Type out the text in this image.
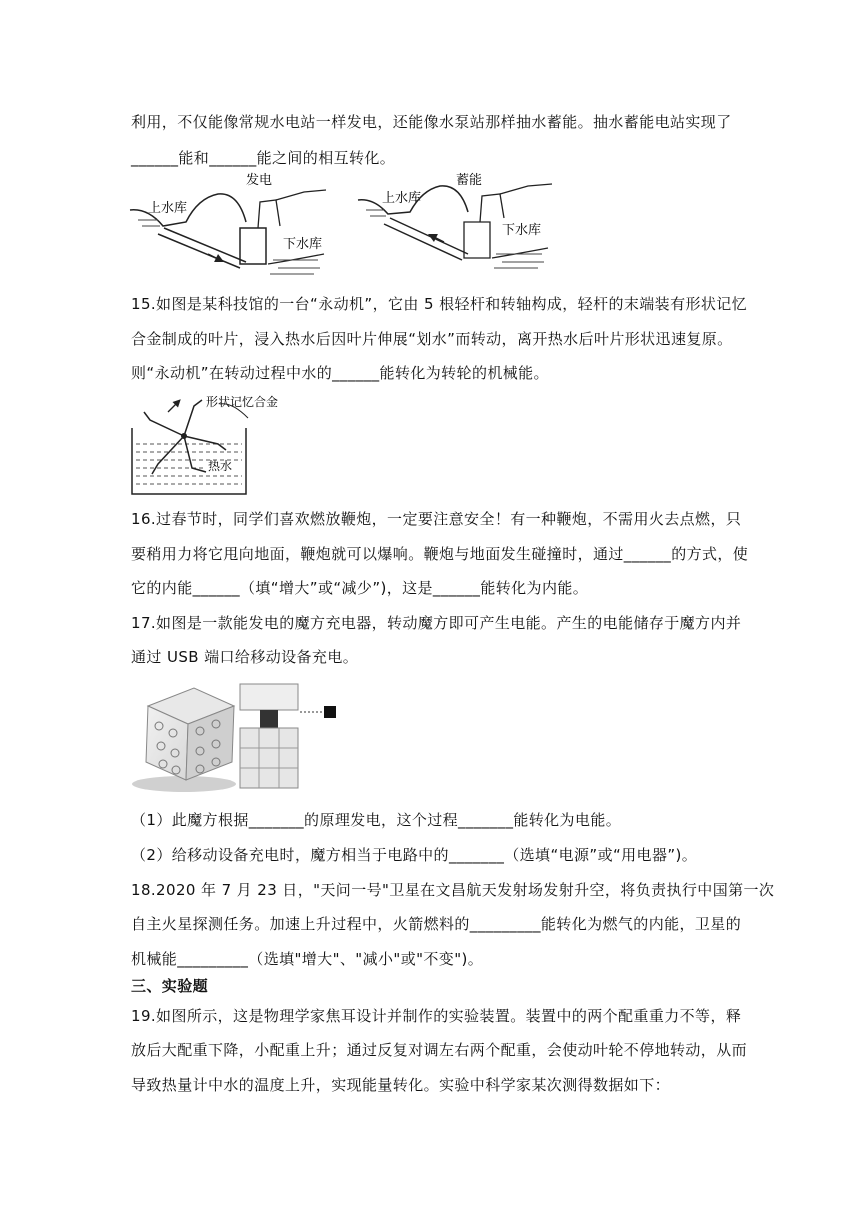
利用，不仅能像常规水电站一样发电，还能像水泵站那样抽水蓄能。抽水蓄能电站实现了
______能和______能之间的相互转化。
发电
上水库
下水库
蓄能
上水库
下水库
15.如图是某科技馆的一台“永动机”，它由 5 根轻杆和转轴构成，轻杆的末端装有形状记忆
合金制成的叶片，浸入热水后因叶片伸展“划水”而转动，离开热水后叶片形状迅速复原。
则“永动机”在转动过程中水的______能转化为转轮的机械能。
形状记忆合金
热水
16.过春节时，同学们喜欢燃放鞭炮，一定要注意安全！有一种鞭炮，不需用火去点燃，只
要稍用力将它甩向地面，鞭炮就可以爆响。鞭炮与地面发生碰撞时，通过______的方式，使
它的内能______（填“增大”或“减少”)，这是______能转化为内能。
17.如图是一款能发电的魔方充电器，转动魔方即可产生电能。产生的电能储存于魔方内并
通过 USB 端口给移动设备充电。
（1）此魔方根据_______的原理发电，这个过程_______能转化为电能。
（2）给移动设备充电时，魔方相当于电路中的_______（选填“电源”或“用电器”)。
18.2020 年 7 月 23 日，"天问一号"卫星在文昌航天发射场发射升空，将负责执行中国第一次
自主火星探测任务。加速上升过程中，火箭燃料的_________能转化为燃气的内能，卫星的
机械能_________（选填"增大"、"减小"或"不变")。
三、实验题
19.如图所示，这是物理学家焦耳设计并制作的实验装置。装置中的两个配重重力不等，释
放后大配重下降，小配重上升；通过反复对调左右两个配重，会使动叶轮不停地转动，从而
导致热量计中水的温度上升，实现能量转化。实验中科学家某次测得数据如下：
